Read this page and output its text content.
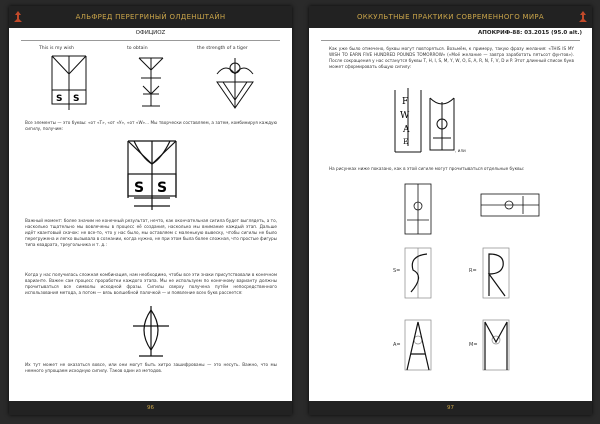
АЛЬФРЕД ПЕРЕГРИНЫЙ ОЛДЕНШТАЙН
ОФИЦИОZ

This is my wish	to obtain	the strength of a tiger

S S

Все элементы — это буквы: «от «Т», «от «У», «от «W»... Мы творчески составляем, а затем, комбинируя каждую сигилу, получим:

S S

Важный момент: более значим не конечный результат, нечто, как окончательная сигила будет выглядеть, а то, насколько тщательно мы вовлечены в процесс её создания, насколько мы внимание каждый этап. Дальше идёт квантовый скачок: не все-то, что у нас было, мы оставляем с маленькую вывеску, чтобы сигилы не было перегружена и легко вызывала в сознании, когда нужно, не при этом была более сложная, что простые фигуры типа квадрата, треугольника и т. д.:

Когда у нас получилась сложная комбинация, нам необходимо, чтобы все эти знаки присутствовали в конечном варианте. Важен сам процесс проработки каждого этапа. Мы не используем по конечному варианту должны прочитываться все символы исходной фразы. Сигилы сверху получена путём непосредственного использования метода, а потом — вязь волшебной палочкой — и появление всех букв рассеется:

Их тут может не оказаться вовсе, или они могут быть хитро зашифрованы — это неcуть. Важно, что мы немного упрощаем исходную сигилу. Таков один из методов.

96
ОККУЛЬТНЫЕ ПРАКТИКИ СОВРЕМЕННОГО МИРА
АПОКРИФ-88: 03.2015 (95.0 alt.)

Как уже было отмечено, буквы могут повторяться. Возьмём, к примеру, такую фразу желания: «THIS IS MY WISH TO EARN FIVE HUNDRED POUNDS TOMORROW» («Моё желание — завтра заработать пятьсот фунтов»). После сокращения у нас останутся буквы T, H, I, S, M, Y, W, O, E, A, R, N, F, V, D и P. Этот длинный список букв может сформировать общую сигилу:

F
W
A
E
, или

На рисунках ниже показано, как в этой сигиле могут прочитываться отдельные буквы:

S=	R=
A=	M=
97
